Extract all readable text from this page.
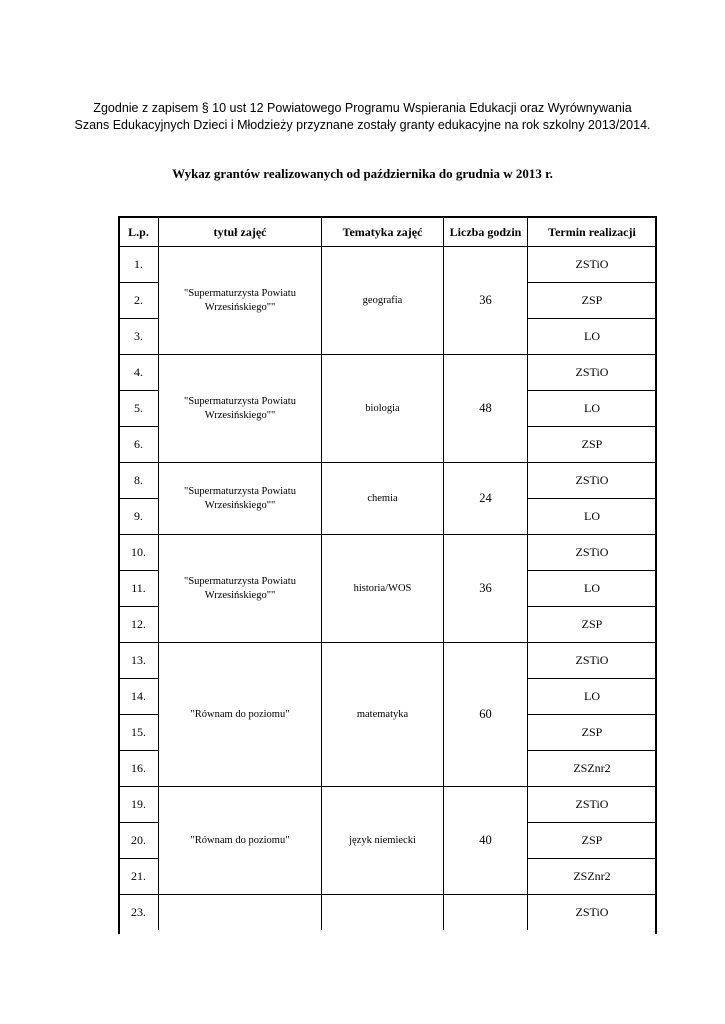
Zgodnie z zapisem § 10 ust 12 Powiatowego Programu Wspierania Edukacji oraz Wyrównywania
Szans Edukacyjnych Dzieci i Młodzieży przyznane zostały granty edukacyjne na rok szkolny 2013/2014.
Wykaz grantów realizowanych od października do grudnia w 2013 r.
L.p.	tytuł zajęć	Tematyka zajęć	Liczba godzin	Termin realizacji
1.	"Supermaturzysta Powiatu
Wrzesińskiego""	geografia	36	ZSTiO
2.				ZSP
3.				LO
4.	"Supermaturzysta Powiatu
Wrzesińskiego""	biologia	48	ZSTiO
5.				LO
6.				ZSP
8.	"Supermaturzysta Powiatu
Wrzesińskiego""	chemia	24	ZSTiO
9.				LO
10.	"Supermaturzysta Powiatu
Wrzesińskiego""	historia/WOS	36	ZSTiO
11.				LO
12.				ZSP
13.	"Równam do poziomu"	matematyka	60	ZSTiO
14.				LO
15.				ZSP
16.				ZSZnr2
19.	"Równam do poziomu"	język niemiecki	40	ZSTiO
20.				ZSP
21.				ZSZnr2
23.				ZSTiO
